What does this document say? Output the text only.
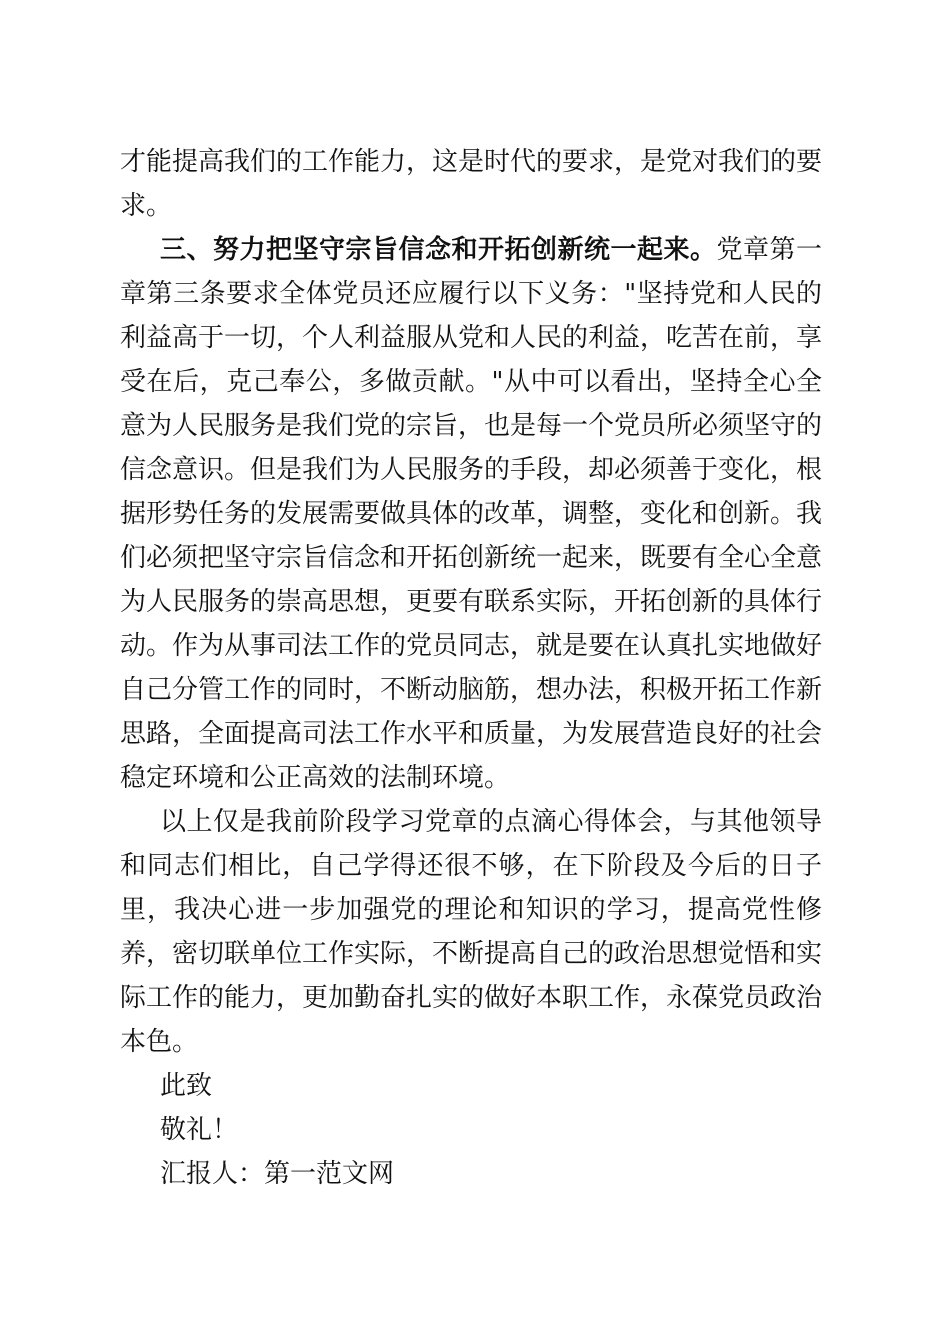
才能提高我们的工作能力，这是时代的要求，是党对我们的要求。

三、努力把坚守宗旨信念和开拓创新统一起来。党章第一章第三条要求全体党员还应履行以下义务："坚持党和人民的利益高于一切，个人利益服从党和人民的利益，吃苦在前，享受在后，克己奉公，多做贡献。"从中可以看出，坚持全心全意为人民服务是我们党的宗旨，也是每一个党员所必须坚守的信念意识。但是我们为人民服务的手段，却必须善于变化，根据形势任务的发展需要做具体的改革，调整，变化和创新。我们必须把坚守宗旨信念和开拓创新统一起来，既要有全心全意为人民服务的崇高思想，更要有联系实际，开拓创新的具体行动。作为从事司法工作的党员同志，就是要在认真扎实地做好自己分管工作的同时，不断动脑筋，想办法，积极开拓工作新思路，全面提高司法工作水平和质量，为发展营造良好的社会稳定环境和公正高效的法制环境。

以上仅是我前阶段学习党章的点滴心得体会，与其他领导和同志们相比，自己学得还很不够，在下阶段及今后的日子里，我决心进一步加强党的理论和知识的学习，提高党性修养，密切联单位工作实际，不断提高自己的政治思想觉悟和实际工作的能力，更加勤奋扎实的做好本职工作，永葆党员政治本色。

此致

敬礼！

汇报人：第一范文网
